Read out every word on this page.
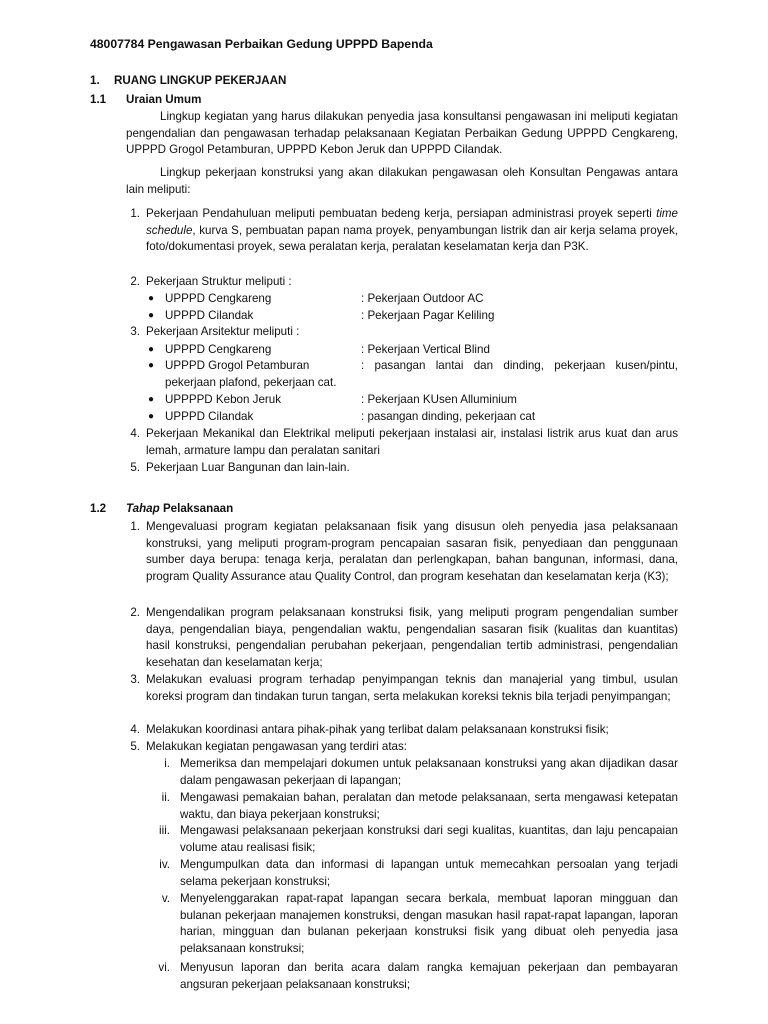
48007784 Pengawasan Perbaikan Gedung UPPPD Bapenda
1. RUANG LINGKUP PEKERJAAN
1.1 Uraian Umum
Lingkup kegiatan yang harus dilakukan penyedia jasa konsultansi pengawasan ini meliputi kegiatan pengendalian dan pengawasan terhadap pelaksanaan Kegiatan Perbaikan Gedung UPPPD Cengkareng, UPPPD Grogol Petamburan, UPPPD Kebon Jeruk dan UPPPD Cilandak.
Lingkup pekerjaan konstruksi yang akan dilakukan pengawasan oleh Konsultan Pengawas antara lain meliputi:
1. Pekerjaan Pendahuluan meliputi pembuatan bedeng kerja, persiapan administrasi proyek seperti time schedule, kurva S, pembuatan papan nama proyek, penyambungan listrik dan air kerja selama proyek, foto/dokumentasi proyek, sewa peralatan kerja, peralatan keselamatan kerja dan P3K.
2. Pekerjaan Struktur meliputi :
● UPPPD Cengkareng	: Pekerjaan Outdoor AC
● UPPPD Cilandak	: Pekerjaan Pagar Keliling
3. Pekerjaan Arsitektur meliputi :
● UPPPD Cengkareng	: Pekerjaan Vertical Blind
● UPPPD Grogol Petamburan	: pasangan lantai dan dinding, pekerjaan kusen/pintu,
pekerjaan plafond, pekerjaan cat.
● UPPPPD Kebon Jeruk	: Pekerjaan KUsen Alluminium
● UPPPD Cilandak	: pasangan dinding, pekerjaan cat
4. Pekerjaan Mekanikal dan Elektrikal meliputi pekerjaan instalasi air, instalasi listrik arus kuat dan arus lemah, armature lampu dan peralatan sanitari
5. Pekerjaan Luar Bangunan dan lain-lain.
1.2 Tahap Pelaksanaan
1. Mengevaluasi program kegiatan pelaksanaan fisik yang disusun oleh penyedia jasa pelaksanaan konstruksi, yang meliputi program-program pencapaian sasaran fisik, penyediaan dan penggunaan sumber daya berupa: tenaga kerja, peralatan dan perlengkapan, bahan bangunan, informasi, dana, program Quality Assurance atau Quality Control, dan program kesehatan dan keselamatan kerja (K3);
2. Mengendalikan program pelaksanaan konstruksi fisik, yang meliputi program pengendalian sumber daya, pengendalian biaya, pengendalian waktu, pengendalian sasaran fisik (kualitas dan kuantitas) hasil konstruksi, pengendalian perubahan pekerjaan, pengendalian tertib administrasi, pengendalian kesehatan dan keselamatan kerja;
3. Melakukan evaluasi program terhadap penyimpangan teknis dan manajerial yang timbul, usulan koreksi program dan tindakan turun tangan, serta melakukan koreksi teknis bila terjadi penyimpangan;
4. Melakukan koordinasi antara pihak-pihak yang terlibat dalam pelaksanaan konstruksi fisik;
5. Melakukan kegiatan pengawasan yang terdiri atas:
i. Memeriksa dan mempelajari dokumen untuk pelaksanaan konstruksi yang akan dijadikan dasar dalam pengawasan pekerjaan di lapangan;
ii. Mengawasi pemakaian bahan, peralatan dan metode pelaksanaan, serta mengawasi ketepatan waktu, dan biaya pekerjaan konstruksi;
iii. Mengawasi pelaksanaan pekerjaan konstruksi dari segi kualitas, kuantitas, dan laju pencapaian volume atau realisasi fisik;
iv. Mengumpulkan data dan informasi di lapangan untuk memecahkan persoalan yang terjadi selama pekerjaan konstruksi;
v. Menyelenggarakan rapat-rapat lapangan secara berkala, membuat laporan mingguan dan bulanan pekerjaan manajemen konstruksi, dengan masukan hasil rapat-rapat lapangan, laporan harian, mingguan dan bulanan pekerjaan konstruksi fisik yang dibuat oleh penyedia jasa pelaksanaan konstruksi;
vi. Menyusun laporan dan berita acara dalam rangka kemajuan pekerjaan dan pembayaran angsuran pekerjaan pelaksanaan konstruksi;
